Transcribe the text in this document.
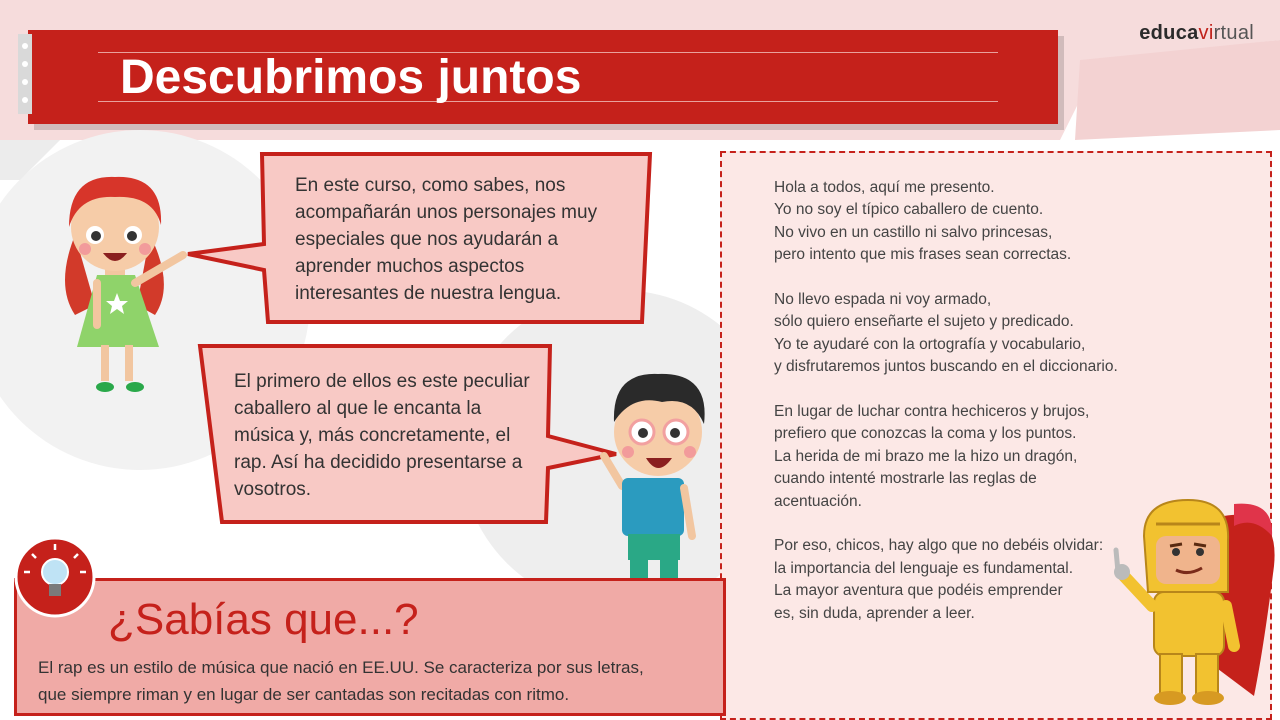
educavirtual
Descubrimos juntos
En este curso, como sabes, nos acompañarán unos personajes muy especiales que nos ayudarán a aprender muchos aspectos interesantes de nuestra lengua.
El primero de ellos es este peculiar caballero al que le encanta la música y, más concretamente, el rap. Así ha decidido presentarse a vosotros.
Hola a todos, aquí me presento.
Yo no soy el típico caballero de cuento.
No vivo en un castillo ni salvo princesas,
pero intento que mis frases sean correctas.
No llevo espada ni voy armado,
sólo quiero enseñarte el sujeto y predicado.
Yo te ayudaré con la ortografía y vocabulario,
y disfrutaremos juntos buscando en el diccionario.
En lugar de luchar contra hechiceros y brujos,
prefiero que conozcas la coma y los puntos.
La herida de mi brazo me la hizo un dragón,
cuando intenté mostrarle las reglas de
acentuación.
Por eso, chicos, hay algo que no debéis olvidar:
la importancia del lenguaje es fundamental.
La mayor aventura que podéis emprender
es, sin duda, aprender a leer.
¿Sabías que...?
El rap es un estilo de música que nació en EE.UU. Se caracteriza por sus letras,
que siempre riman y en lugar de ser cantadas son recitadas con ritmo.
